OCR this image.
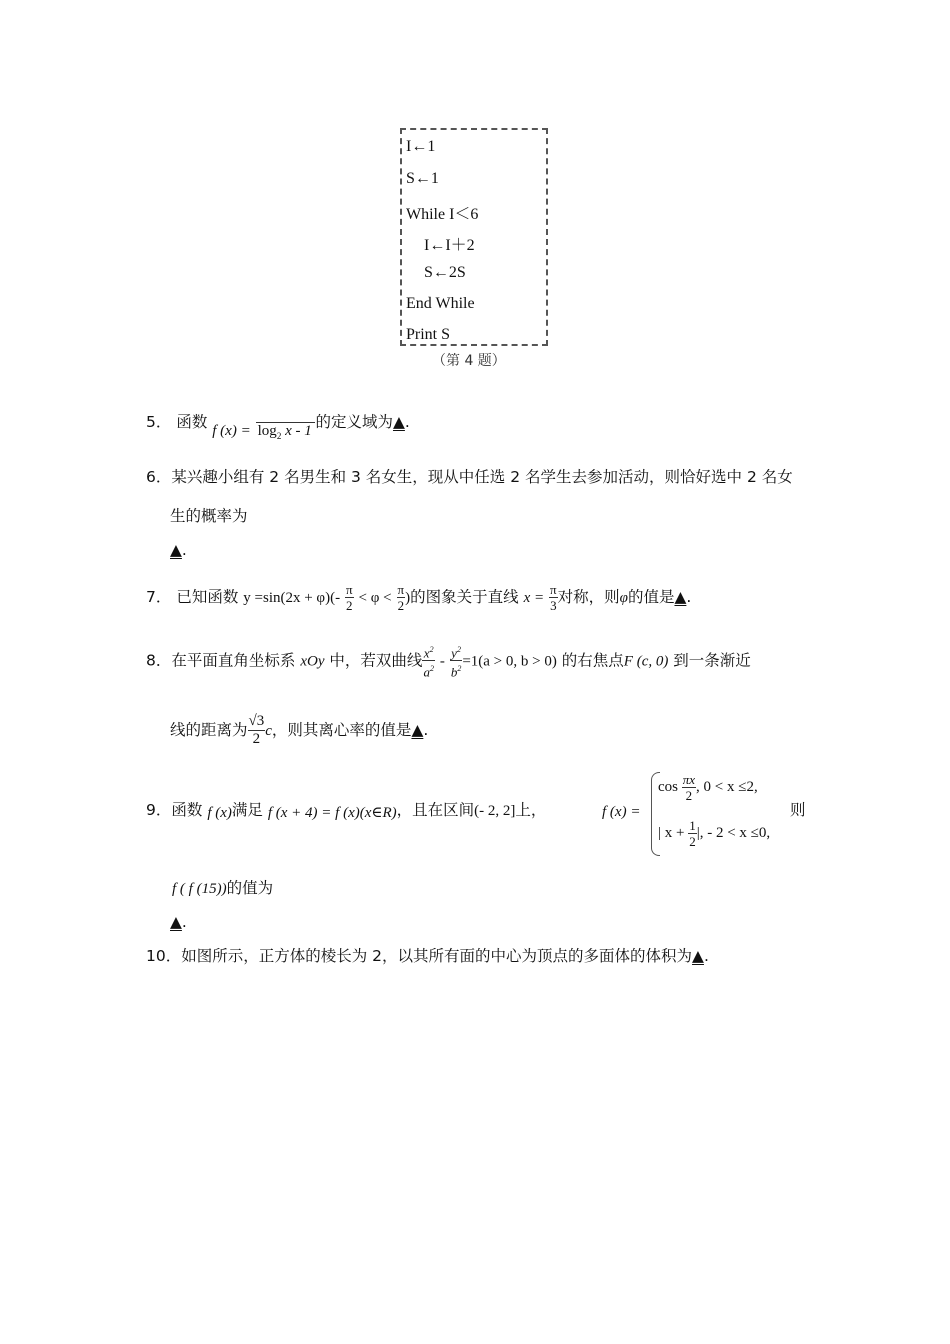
I←1
S←1
While I＜6
I←I＋2
S←2S
End While
Print S
（第 4 题）
5． 函数 f $(x) = \log_2 x - 1$ 的定义域为▲.
6．某兴趣小组有 2 名男生和 3 名女生，现从中任选 2 名学生去参加活动，则恰好选中 2 名女
生的概率为
▲.
7． 已知函数 $y =\sin(2x + \varphi)(- \frac{\pi}{2} < \varphi < \frac{\pi}{2}$ )的图象关于直线 $x = \frac{\pi}{3}$ 对称，则φ的值是▲.
8．在平面直角坐标系 xOy 中，若双曲线 $\frac{x^2}{a^2} - \frac{y^2}{b^2} =1(a > 0$, b > 0) 的右焦点F (c, 0) 到一条渐近
线的距离为 $\frac{√3}{2}$ c，则其离心率的值是▲.
9．函数 f (x)满足 f (x + 4) = f (x)(x∈R)，且在区间(- 2, 2]上，	f (x) =
$\cos \frac{\pi x}{2}$ , 0 < x ≤2,
| $x + \frac{1}{2}$ |, - 2 < x ≤0,
则
f ( f (15))的值为
▲.
10．如图所示，正方体的棱长为 2，以其所有面的中心为顶点的多面体的体积为▲.
